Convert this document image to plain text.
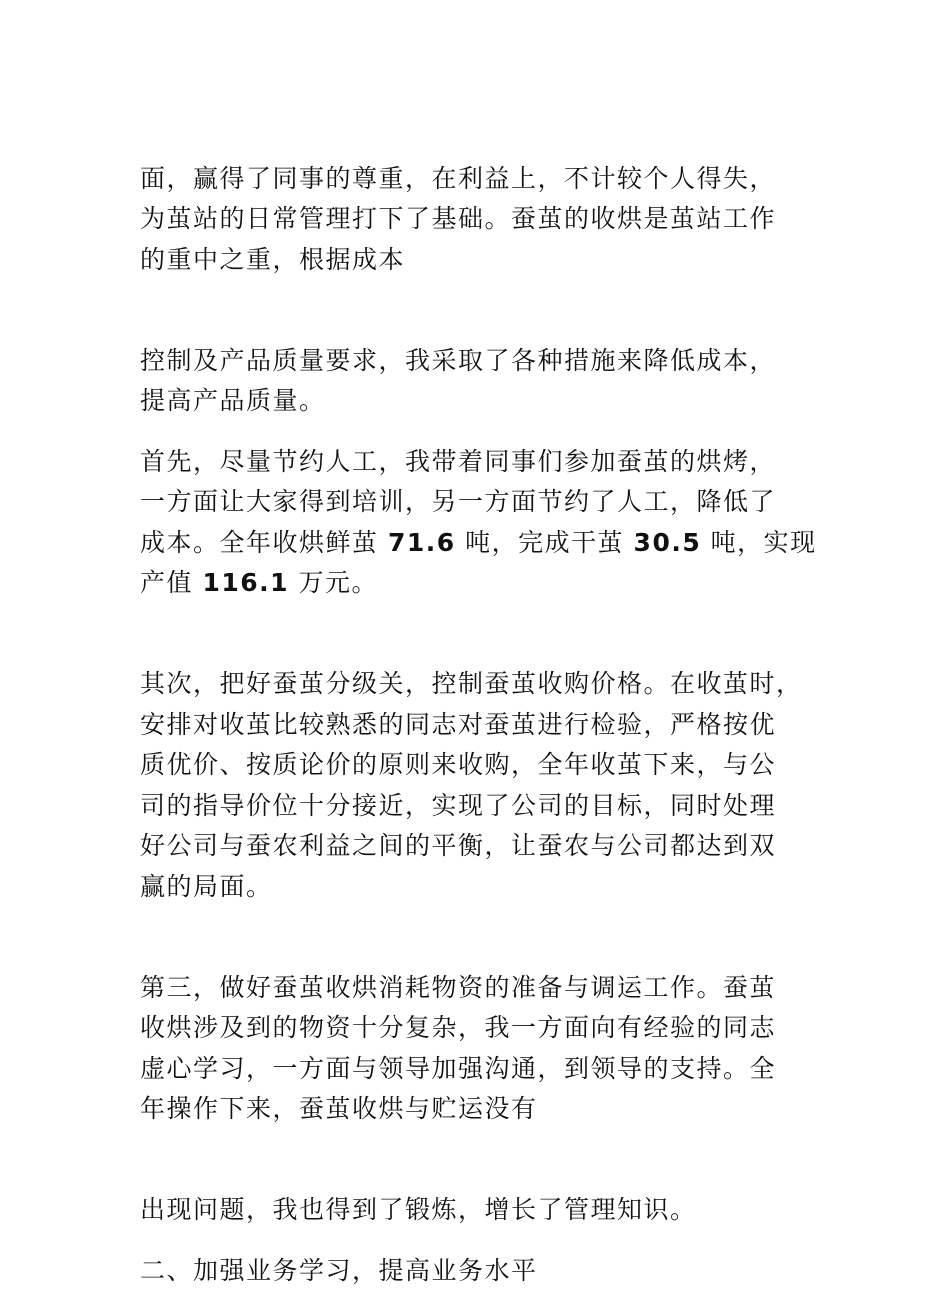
面，赢得了同事的尊重，在利益上，不计较个人得失，
为茧站的日常管理打下了基础。蚕茧的收烘是茧站工作
的重中之重，根据成本

控制及产品质量要求，我采取了各种措施来降低成本，
提高产品质量。

首先，尽量节约人工，我带着同事们参加蚕茧的烘烤，
一方面让大家得到培训，另一方面节约了人工，降低了
成本。全年收烘鲜茧 71.6 吨，完成干茧 30.5 吨，实现
产值 116.1 万元。

其次，把好蚕茧分级关，控制蚕茧收购价格。在收茧时，
安排对收茧比较熟悉的同志对蚕茧进行检验，严格按优
质优价、按质论价的原则来收购，全年收茧下来，与公
司的指导价位十分接近，实现了公司的目标，同时处理
好公司与蚕农利益之间的平衡，让蚕农与公司都达到双
赢的局面。

第三，做好蚕茧收烘消耗物资的准备与调运工作。蚕茧
收烘涉及到的物资十分复杂，我一方面向有经验的同志
虚心学习，一方面与领导加强沟通，到领导的支持。全
年操作下来，蚕茧收烘与贮运没有

出现问题，我也得到了锻炼，增长了管理知识。

二、加强业务学习，提高业务水平
